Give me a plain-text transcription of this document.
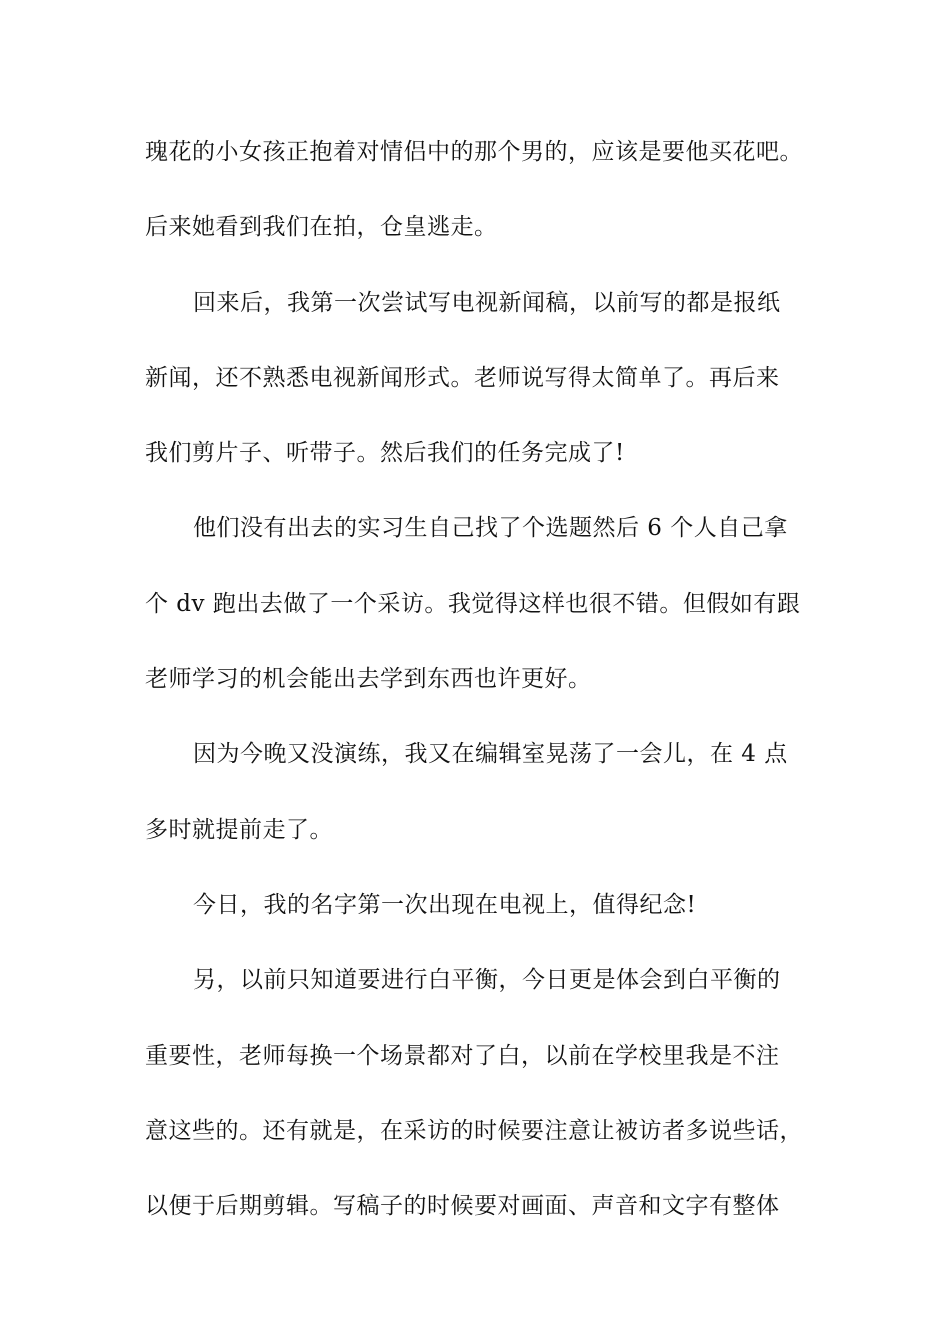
瑰花的小女孩正抱着对情侣中的那个男的，应该是要他买花吧。
后来她看到我们在拍，仓皇逃走。
回来后，我第一次尝试写电视新闻稿，以前写的都是报纸
新闻，还不熟悉电视新闻形式。老师说写得太简单了。再后来
我们剪片子、听带子。然后我们的任务完成了!
他们没有出去的实习生自己找了个选题然后 6 个人自己拿
个 dv 跑出去做了一个采访。我觉得这样也很不错。但假如有跟
老师学习的机会能出去学到东西也许更好。
因为今晚又没演练，我又在编辑室晃荡了一会儿，在 4 点
多时就提前走了。
今日，我的名字第一次出现在电视上，值得纪念!
另，以前只知道要进行白平衡，今日更是体会到白平衡的
重要性，老师每换一个场景都对了白，以前在学校里我是不注
意这些的。还有就是，在采访的时候要注意让被访者多说些话，
以便于后期剪辑。写稿子的时候要对画面、声音和文字有整体
